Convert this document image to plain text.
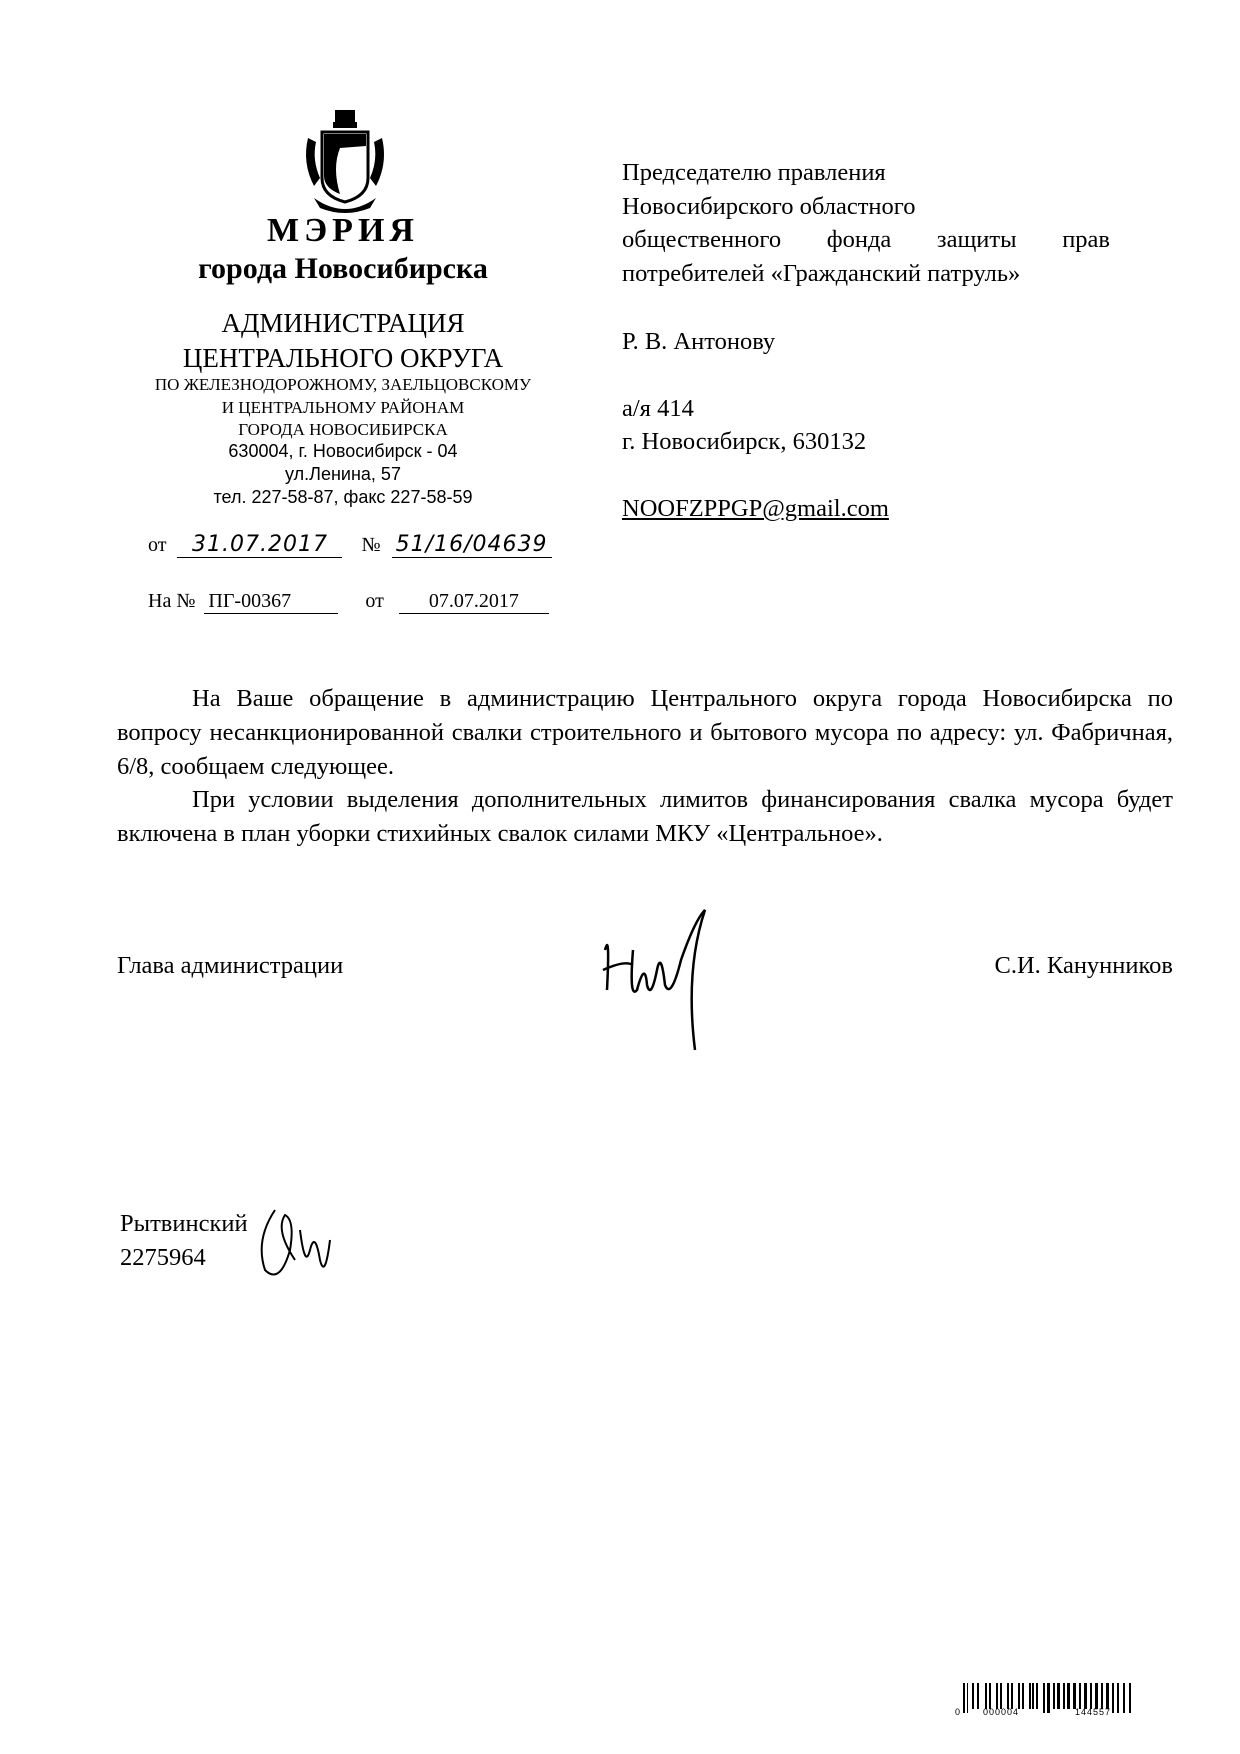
МЭРИЯ
города Новосибирска
АДМИНИСТРАЦИЯ
ЦЕНТРАЛЬНОГО ОКРУГА
ПО ЖЕЛЕЗНОДОРОЖНОМУ, ЗАЕЛЬЦОВСКОМУ
И ЦЕНТРАЛЬНОМУ РАЙОНАМ
ГОРОДА НОВОСИБИРСКА
630004, г. Новосибирск - 04
ул.Ленина, 57
тел. 227-58-87, факс 227-58-59
от 31.07.2017 № 51/16/04639
На № ПГ-00367	от 07.07.2017
Председателю правления
Новосибирского областного
общественного фонда защиты прав
потребителей «Гражданский патруль»
Р. В. Антонову
а/я 414
г. Новосибирск, 630132
NOOFZPPGP@gmail.com

На Ваше обращение в администрацию Центрального округа города Новосибирска по вопросу несанкционированной свалки строительного и бытового мусора по адресу: ул. Фабричная, 6/8, сообщаем следующее.

При условии выделения дополнительных лимитов финансирования свалка мусора будет включена в план уборки стихийных свалок силами МКУ «Центральное».

Глава администрации	С.И. Канунников
Рытвинский
2275964
0	000004	144557
